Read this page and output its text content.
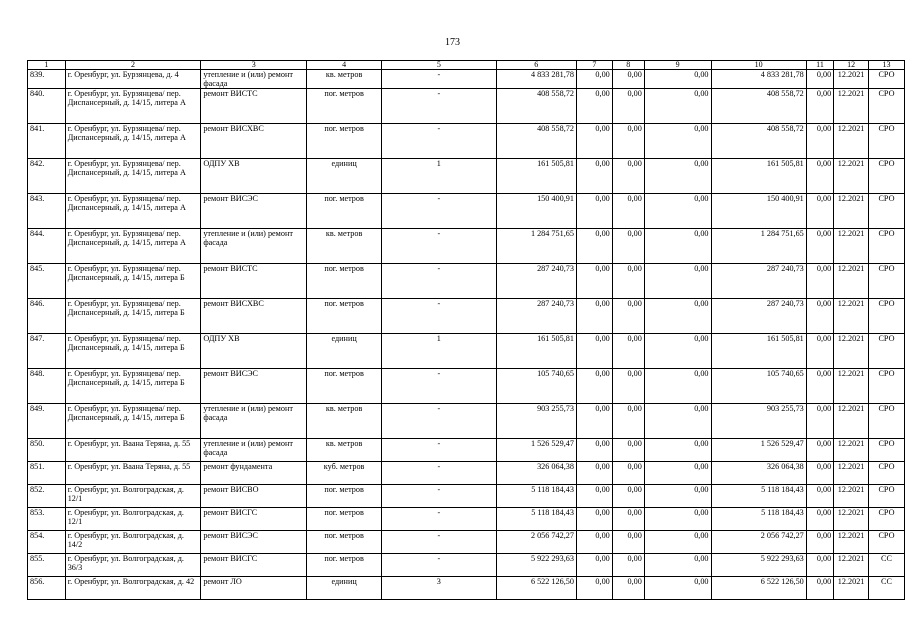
173
1	2	3	4	5	6	7	8	9	10	11	12	13
839.	г. Оренбург, ул. Бурзянцева, д. 4	утепление и (или) ремонт фасада	кв. метров	-	4 833 281,78	0,00	0,00	0,00	4 833 281,78	0,00	12.2021	СРО
840.	г. Оренбург, ул. Бурзянцева/ пер. Диспансерный, д. 14/15, литера А	ремонт ВИСТС	пог. метров	-	408 558,72	0,00	0,00	0,00	408 558,72	0,00	12.2021	СРО
841.	г. Оренбург, ул. Бурзянцева/ пер. Диспансерный, д. 14/15, литера А	ремонт ВИСХВС	пог. метров	-	408 558,72	0,00	0,00	0,00	408 558,72	0,00	12.2021	СРО
842.	г. Оренбург, ул. Бурзянцева/ пер. Диспансерный, д. 14/15, литера А	ОДПУ ХВ	единиц	1	161 505,81	0,00	0,00	0,00	161 505,81	0,00	12.2021	СРО
843.	г. Оренбург, ул. Бурзянцева/ пер. Диспансерный, д. 14/15, литера А	ремонт ВИСЭС	пог. метров	-	150 400,91	0,00	0,00	0,00	150 400,91	0,00	12.2021	СРО
844.	г. Оренбург, ул. Бурзянцева/ пер. Диспансерный, д. 14/15, литера А	утепление и (или) ремонт фасада	кв. метров	-	1 284 751,65	0,00	0,00	0,00	1 284 751,65	0,00	12.2021	СРО
845.	г. Оренбург, ул. Бурзянцева/ пер. Диспансерный, д. 14/15, литера Б	ремонт ВИСТС	пог. метров	-	287 240,73	0,00	0,00	0,00	287 240,73	0,00	12.2021	СРО
846.	г. Оренбург, ул. Бурзянцева/ пер. Диспансерный, д. 14/15, литера Б	ремонт ВИСХВС	пог. метров	-	287 240,73	0,00	0,00	0,00	287 240,73	0,00	12.2021	СРО
847.	г. Оренбург, ул. Бурзянцева/ пер. Диспансерный, д. 14/15, литера Б	ОДПУ ХВ	единиц	1	161 505,81	0,00	0,00	0,00	161 505,81	0,00	12.2021	СРО
848.	г. Оренбург, ул. Бурзянцева/ пер. Диспансерный, д. 14/15, литера Б	ремонт ВИСЭС	пог. метров	-	105 740,65	0,00	0,00	0,00	105 740,65	0,00	12.2021	СРО
849.	г. Оренбург, ул. Бурзянцева/ пер. Диспансерный, д. 14/15, литера Б	утепление и (или) ремонт фасада	кв. метров	-	903 255,73	0,00	0,00	0,00	903 255,73	0,00	12.2021	СРО
850.	г. Оренбург, ул. Ваана Теряна, д. 55	утепление и (или) ремонт фасада	кв. метров	-	1 526 529,47	0,00	0,00	0,00	1 526 529,47	0,00	12.2021	СРО
851.	г. Оренбург, ул. Ваана Теряна, д. 55	ремонт фундамента	куб. метров	-	326 064,38	0,00	0,00	0,00	326 064,38	0,00	12.2021	СРО
852.	г. Оренбург, ул. Волгоградская, д. 12/1	ремонт ВИСВО	пог. метров	-	5 118 184,43	0,00	0,00	0,00	5 118 184,43	0,00	12.2021	СРО
853.	г. Оренбург, ул. Волгоградская, д. 12/1	ремонт ВИСГС	пог. метров	-	5 118 184,43	0,00	0,00	0,00	5 118 184,43	0,00	12.2021	СРО
854.	г. Оренбург, ул. Волгоградская, д. 14/2	ремонт ВИСЭС	пог. метров	-	2 056 742,27	0,00	0,00	0,00	2 056 742,27	0,00	12.2021	СРО
855.	г. Оренбург, ул. Волгоградская, д. 36/3	ремонт ВИСГС	пог. метров	-	5 922 293,63	0,00	0,00	0,00	5 922 293,63	0,00	12.2021	СС
856.	г. Оренбург, ул. Волгоградская, д. 42	ремонт ЛО	единиц	3	6 522 126,50	0,00	0,00	0,00	6 522 126,50	0,00	12.2021	СС
